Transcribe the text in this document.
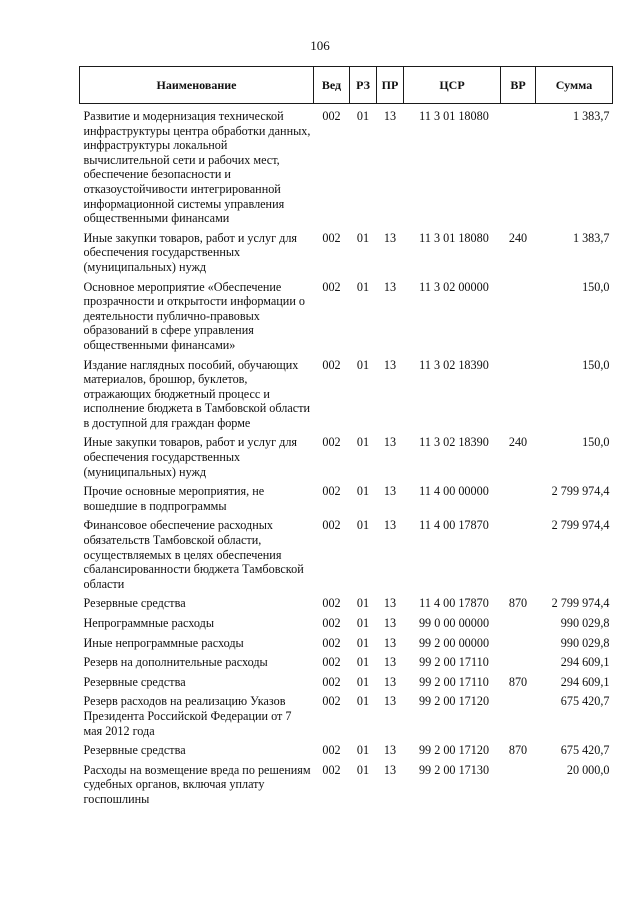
106
Наименование	Вед	РЗ	ПР	ЦСР	ВР	Сумма
Развитие и модернизация технической инфраструктуры центра обработки данных, инфраструктуры локальной вычислительной сети и рабочих мест, обеспечение безопасности и отказоустойчивости интегрированной информационной системы управления общественными финансами	002	01	13	11 3 01 18080		1 383,7
Иные закупки товаров, работ и услуг для обеспечения государственных (муниципальных) нужд	002	01	13	11 3 01 18080	240	1 383,7
Основное мероприятие «Обеспечение прозрачности и открытости информации о деятельности публично-правовых образований в сфере управления общественными финансами»	002	01	13	11 3 02 00000		150,0
Издание наглядных пособий, обучающих материалов, брошюр, буклетов, отражающих бюджетный процесс и исполнение бюджета в Тамбовской области в доступной для граждан форме	002	01	13	11 3 02 18390		150,0
Иные закупки товаров, работ и услуг для обеспечения государственных (муниципальных) нужд	002	01	13	11 3 02 18390	240	150,0
Прочие основные мероприятия, не вошедшие в подпрограммы	002	01	13	11 4 00 00000		2 799 974,4
Финансовое обеспечение расходных обязательств Тамбовской области, осуществляемых в целях обеспечения сбалансированности бюджета Тамбовской области	002	01	13	11 4 00 17870		2 799 974,4
Резервные средства	002	01	13	11 4 00 17870	870	2 799 974,4
Непрограммные расходы	002	01	13	99 0 00 00000		990 029,8
Иные непрограммные расходы	002	01	13	99 2 00 00000		990 029,8
Резерв на дополнительные расходы	002	01	13	99 2 00 17110		294 609,1
Резервные средства	002	01	13	99 2 00 17110	870	294 609,1
Резерв расходов на реализацию Указов Президента Российской Федерации от 7 мая 2012 года	002	01	13	99 2 00 17120		675 420,7
Резервные средства	002	01	13	99 2 00 17120	870	675 420,7
Расходы на возмещение вреда по решениям судебных органов, включая уплату госпошлины	002	01	13	99 2 00 17130		20 000,0
